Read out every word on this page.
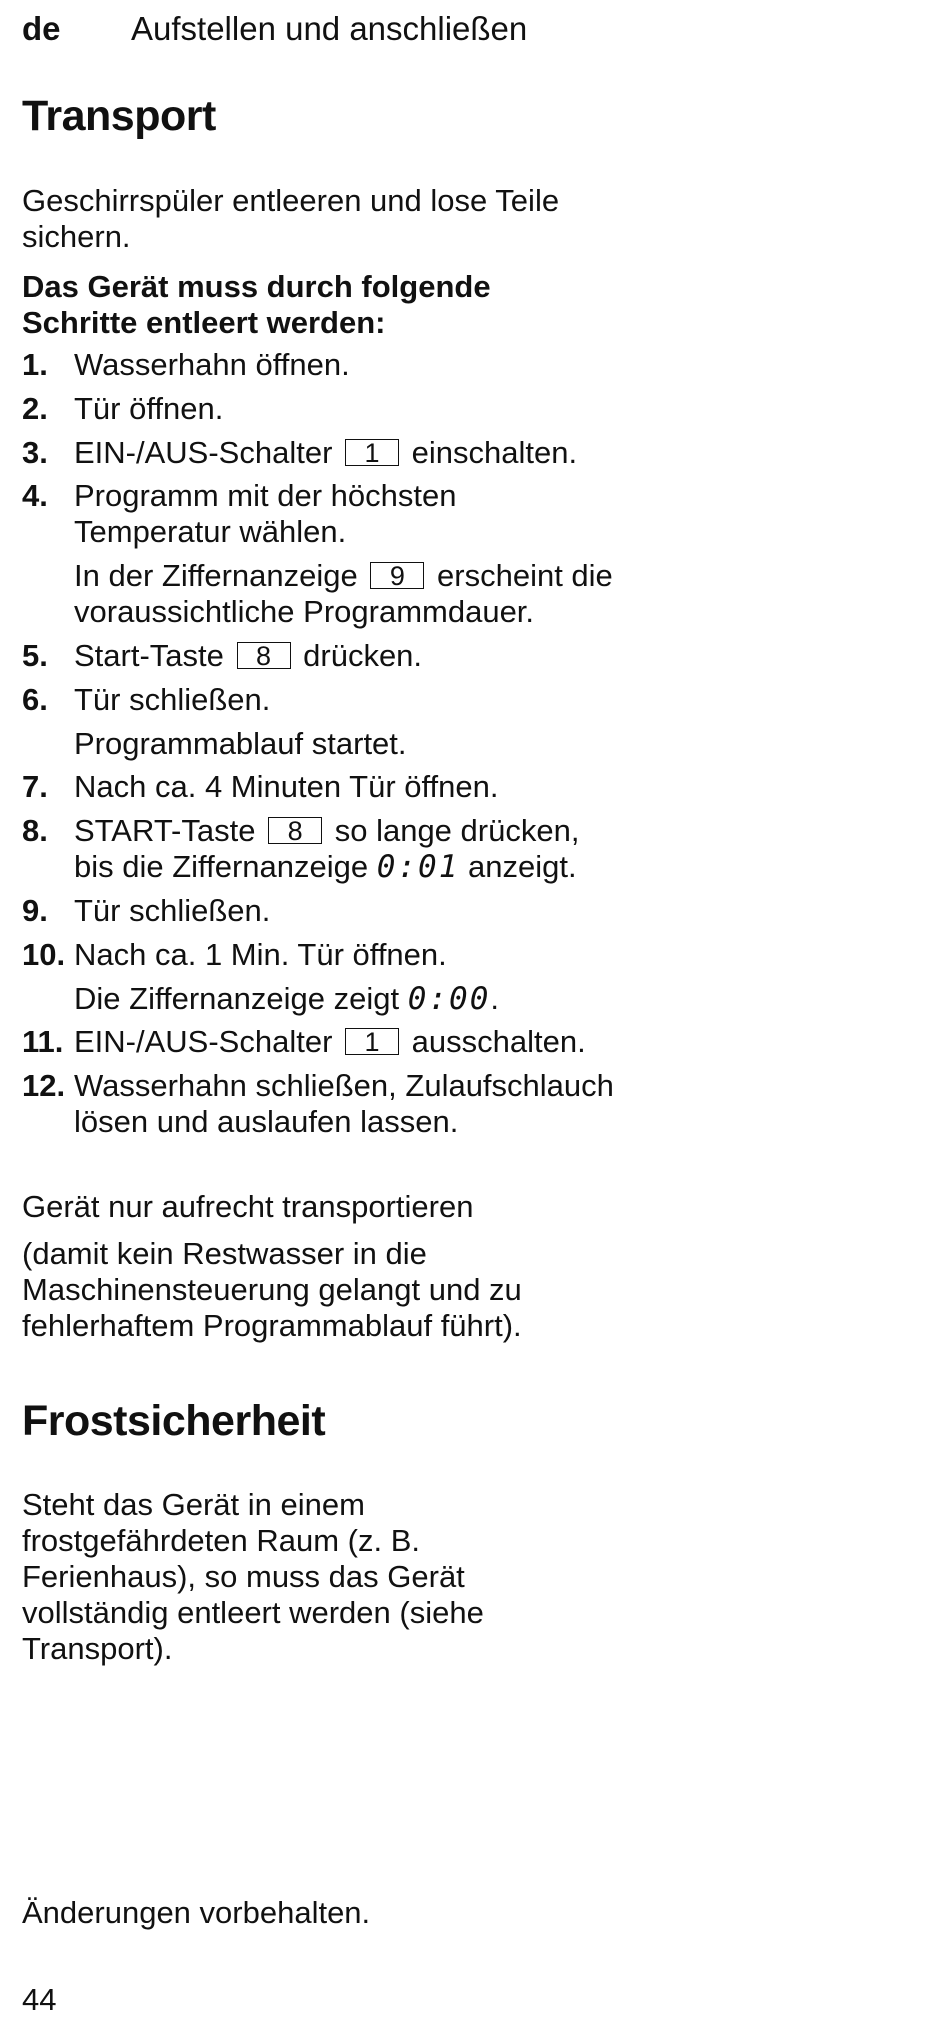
de Aufstellen und anschließen
Transport

Geschirrspüler entleeren und lose Teile sichern.

Das Gerät muss durch folgende Schritte entleert werden:

1. Wasserhahn öffnen.
2. Tür öffnen.
3. EIN-/AUS-Schalter 1 einschalten.
4. Programm mit der höchsten Temperatur wählen.
In der Ziffernanzeige 9 erscheint die voraussichtliche Programmdauer.
5. Start-Taste 8 drücken.
6. Tür schließen.
Programmablauf startet.
7. Nach ca. 4 Minuten Tür öffnen.
8. START-Taste 8 so lange drücken,
bis die Ziffernanzeige 0:01 anzeigt.
9. Tür schließen.
10. Nach ca. 1 Min. Tür öffnen.
Die Ziffernanzeige zeigt 0:00.
11. EIN-/AUS-Schalter 1 ausschalten.
12. Wasserhahn schließen, Zulaufschlauch lösen und auslaufen lassen.

Gerät nur aufrecht transportieren

(damit kein Restwasser in die Maschinensteuerung gelangt und zu fehlerhaftem Programmablauf führt).

Frostsicherheit

Steht das Gerät in einem frostgefährdeten Raum (z. B. Ferienhaus), so muss das Gerät vollständig entleert werden (siehe Transport).

Änderungen vorbehalten.
44
